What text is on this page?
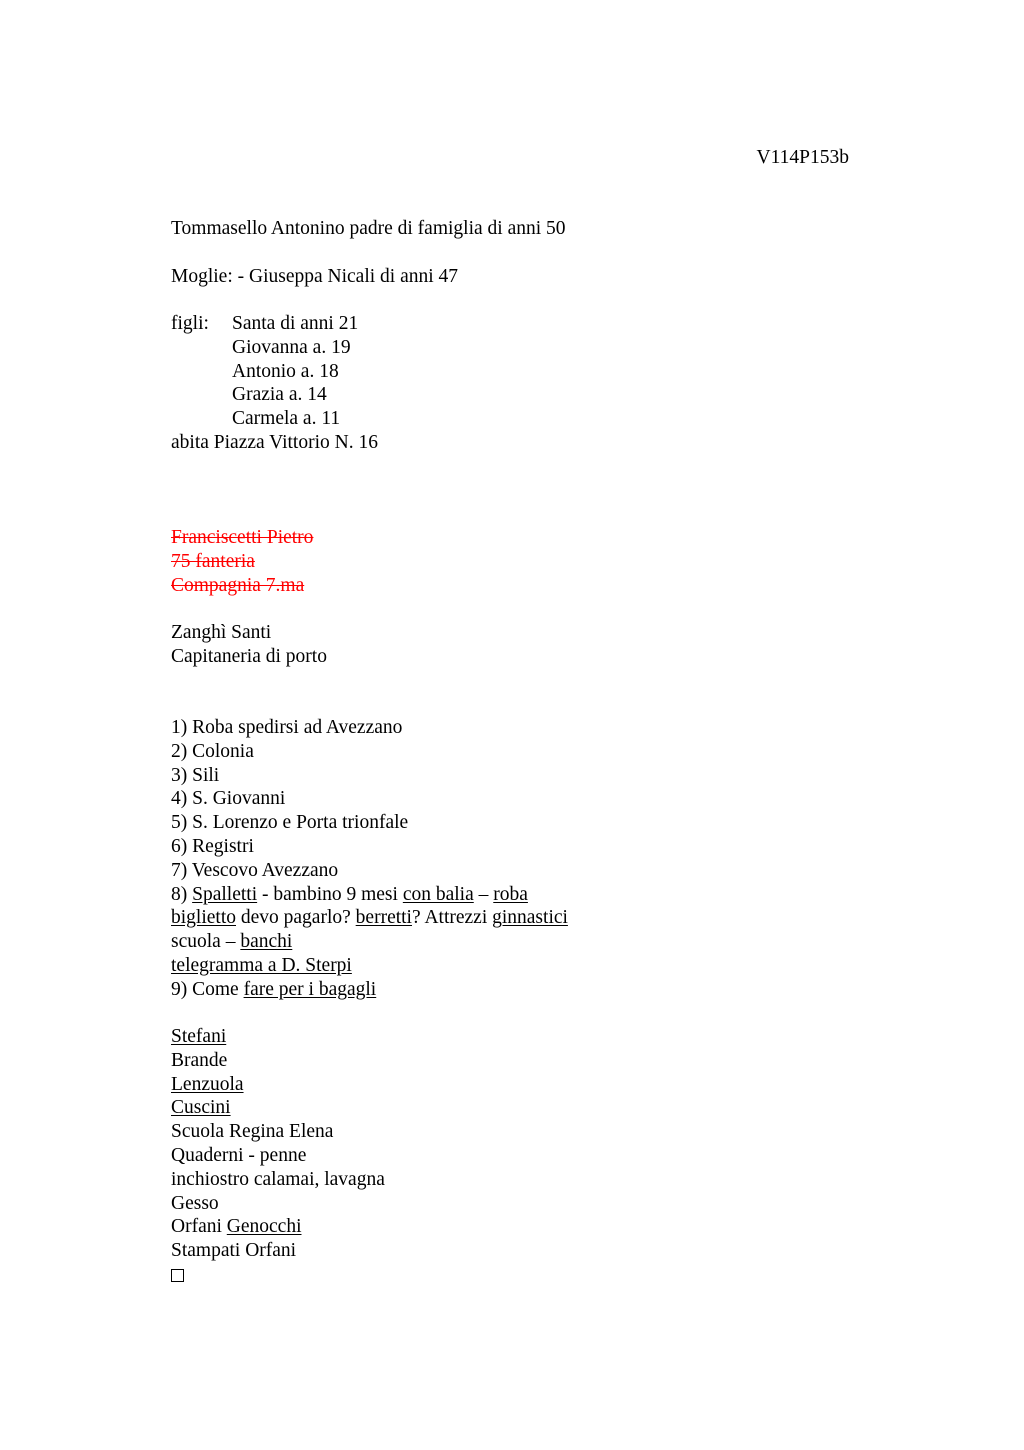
V114P153b
Tommasello Antonino padre di famiglia di anni 50
Moglie: - Giuseppa Nicali di anni 47
figli:	Santa di anni 21
Giovanna a. 19
Antonio a. 18
Grazia a. 14
Carmela a. 11
abita Piazza Vittorio N. 16
Franciscetti Pietro
75 fanteria
Compagnia 7.ma
Zanghì Santi
Capitaneria di porto
1) Roba spedirsi ad Avezzano
2) Colonia
3) Sili
4) S. Giovanni
5) S. Lorenzo e Porta trionfale
6) Registri
7) Vescovo Avezzano
8) Spalletti - bambino 9 mesi con balia – roba
biglietto devo pagarlo? berretti? Attrezzi ginnastici
scuola – banchi
telegramma a D. Sterpi
9) Come fare per i bagagli
Stefani
Brande
Lenzuola
Cuscini
Scuola Regina Elena
Quaderni - penne
inchiostro calamai, lavagna
Gesso
Orfani Genocchi
Stampati Orfani
